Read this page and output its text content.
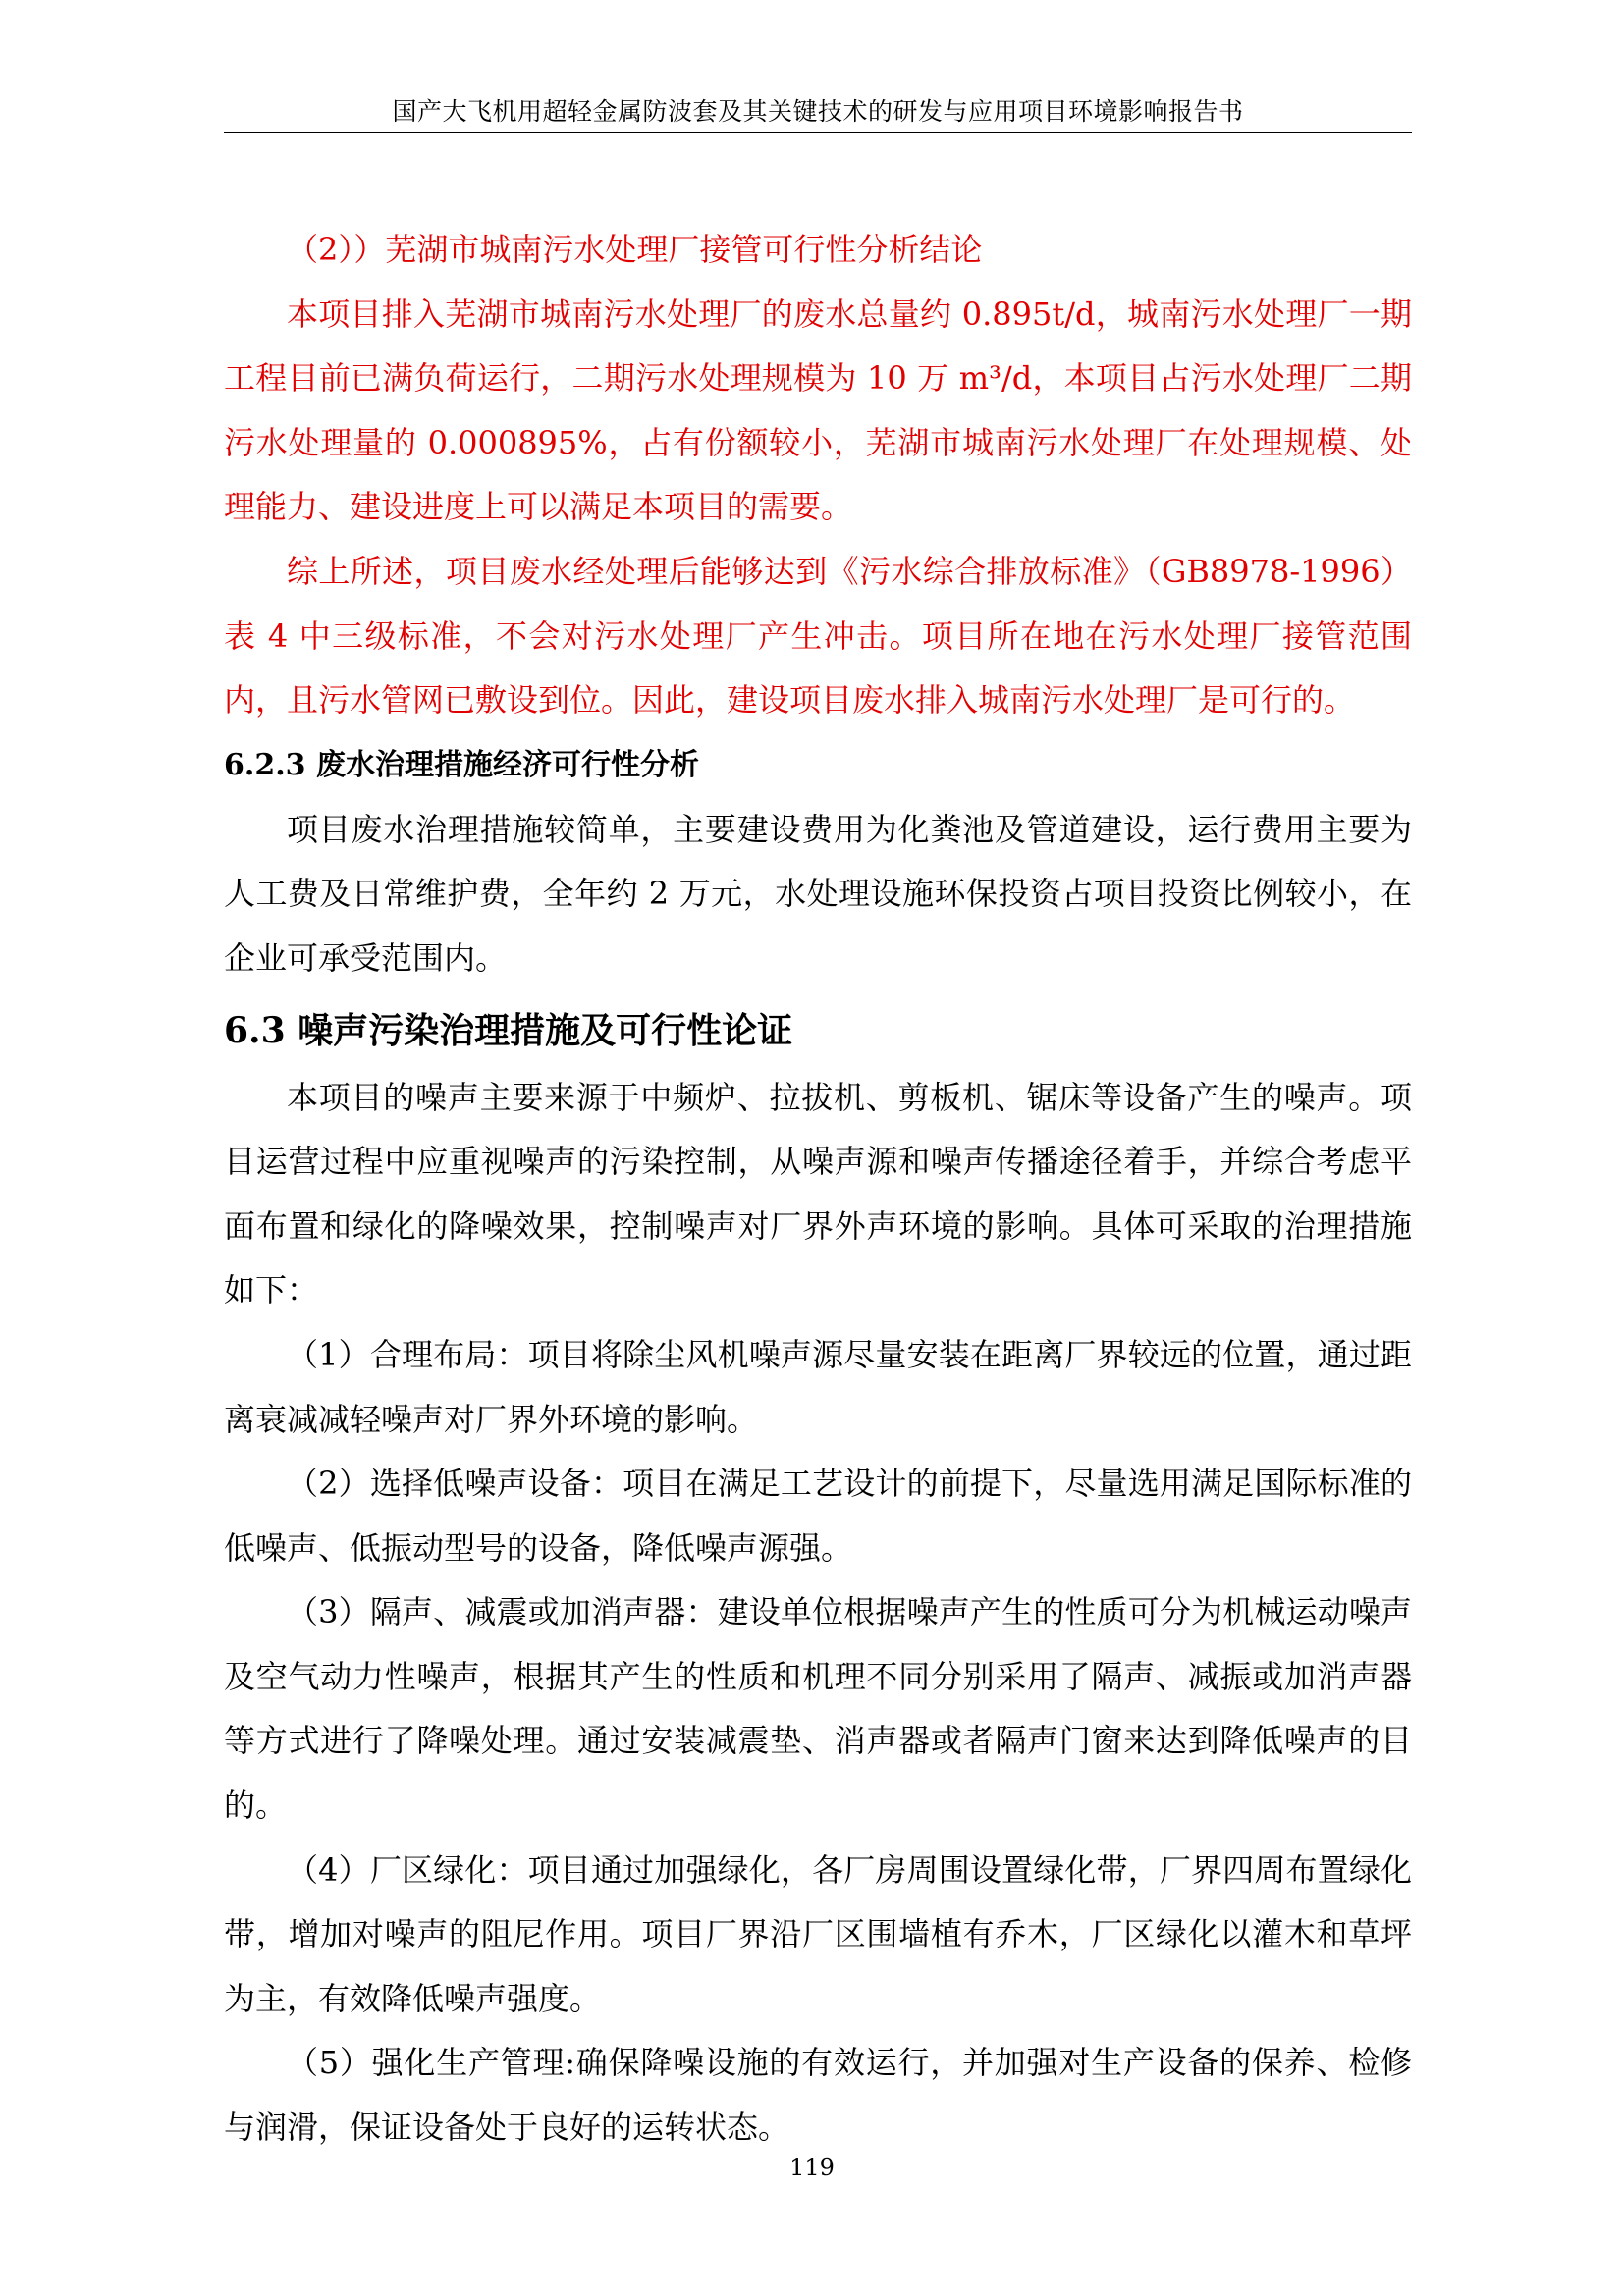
国产大飞机用超轻金属防波套及其关键技术的研发与应用项目环境影响报告书

（2））芜湖市城南污水处理厂接管可行性分析结论

本项目排入芜湖市城南污水处理厂的废水总量约 0.895t/d，城南污水处理厂一期工程目前已满负荷运行，二期污水处理规模为 10 万 m³/d，本项目占污水处理厂二期污水处理量的 0.000895%，占有份额较小，芜湖市城南污水处理厂在处理规模、处理能力、建设进度上可以满足本项目的需要。

综上所述，项目废水经处理后能够达到《污水综合排放标准》（GB8978-1996）表 4 中三级标准，不会对污水处理厂产生冲击。项目所在地在污水处理厂接管范围内，且污水管网已敷设到位。因此，建设项目废水排入城南污水处理厂是可行的。

6.2.3 废水治理措施经济可行性分析

项目废水治理措施较简单，主要建设费用为化粪池及管道建设，运行费用主要为人工费及日常维护费，全年约 2 万元，水处理设施环保投资占项目投资比例较小，在企业可承受范围内。

6.3 噪声污染治理措施及可行性论证

本项目的噪声主要来源于中频炉、拉拔机、剪板机、锯床等设备产生的噪声。项目运营过程中应重视噪声的污染控制，从噪声源和噪声传播途径着手，并综合考虑平面布置和绿化的降噪效果，控制噪声对厂界外声环境的影响。具体可采取的治理措施如下：

（1）合理布局：项目将除尘风机噪声源尽量安装在距离厂界较远的位置，通过距离衰减减轻噪声对厂界外环境的影响。

（2）选择低噪声设备：项目在满足工艺设计的前提下，尽量选用满足国际标准的低噪声、低振动型号的设备，降低噪声源强。

（3）隔声、减震或加消声器：建设单位根据噪声产生的性质可分为机械运动噪声及空气动力性噪声，根据其产生的性质和机理不同分别采用了隔声、减振或加消声器等方式进行了降噪处理。通过安装减震垫、消声器或者隔声门窗来达到降低噪声的目的。

（4）厂区绿化：项目通过加强绿化，各厂房周围设置绿化带，厂界四周布置绿化带，增加对噪声的阻尼作用。项目厂界沿厂区围墙植有乔木，厂区绿化以灌木和草坪为主，有效降低噪声强度。

（5）强化生产管理:确保降噪设施的有效运行，并加强对生产设备的保养、检修与润滑，保证设备处于良好的运转状态。

119
